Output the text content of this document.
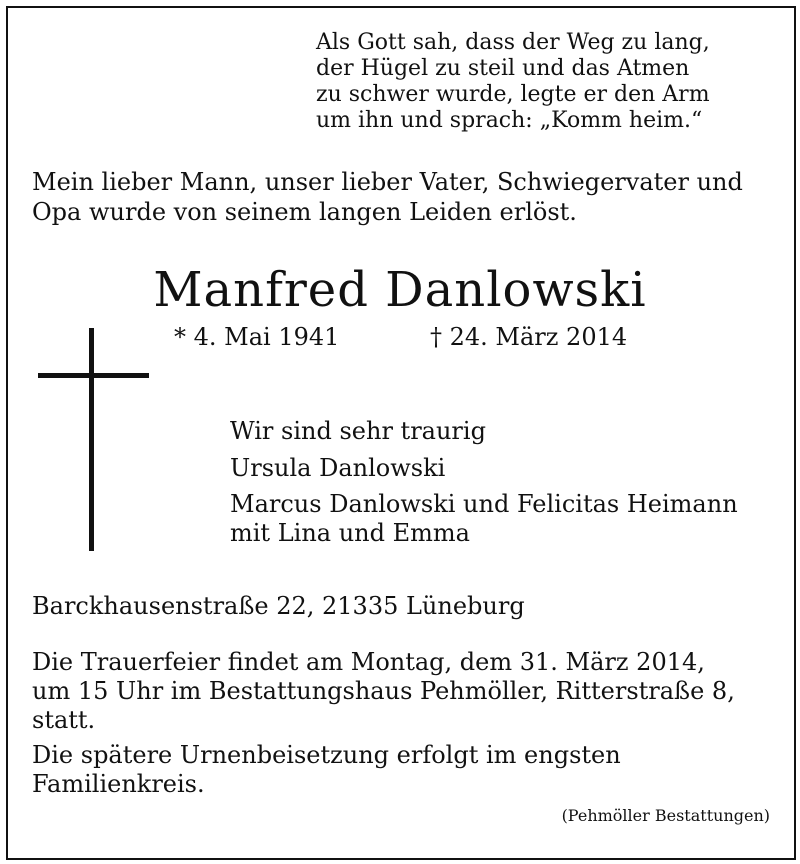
Als Gott sah, dass der Weg zu lang,
der Hügel zu steil und das Atmen
zu schwer wurde, legte er den Arm
um ihn und sprach: „Komm heim.“
Mein lieber Mann, unser lieber Vater, Schwiegervater und
Opa wurde von seinem langen Leiden erlöst.
Manfred Danlowski
* 4. Mai 1941	† 24. März 2014
Wir sind sehr traurig
Ursula Danlowski
Marcus Danlowski und Felicitas Heimann
mit Lina und Emma
Barckhausenstraße 22, 21335 Lüneburg
Die Trauerfeier findet am Montag, dem 31. März 2014,
um 15 Uhr im Bestattungshaus Pehmöller, Ritterstraße 8,
statt.
Die spätere Urnenbeisetzung erfolgt im engsten
Familienkreis.
(Pehmöller Bestattungen)
